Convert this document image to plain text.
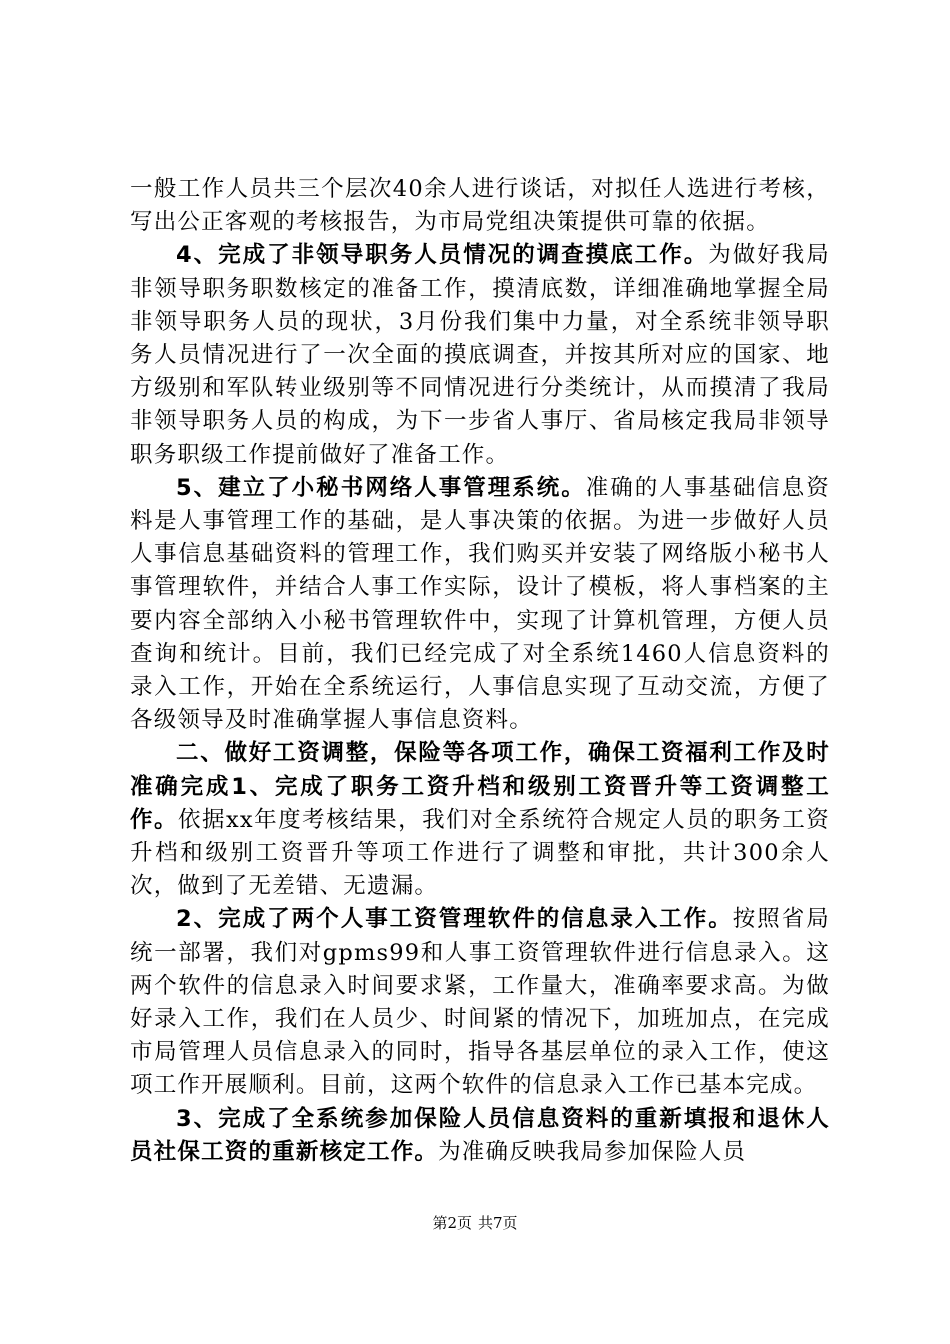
一般工作人员共三个层次40余人进行谈话，对拟任人选进行考核，写出公正客观的考核报告，为市局党组决策提供可靠的依据。

4、完成了非领导职务人员情况的调查摸底工作。为做好我局非领导职务职数核定的准备工作，摸清底数，详细准确地掌握全局非领导职务人员的现状，3月份我们集中力量，对全系统非领导职务人员情况进行了一次全面的摸底调查，并按其所对应的国家、地方级别和军队转业级别等不同情况进行分类统计，从而摸清了我局非领导职务人员的构成，为下一步省人事厅、省局核定我局非领导职务职级工作提前做好了准备工作。

5、建立了小秘书网络人事管理系统。准确的人事基础信息资料是人事管理工作的基础，是人事决策的依据。为进一步做好人员人事信息基础资料的管理工作，我们购买并安装了网络版小秘书人事管理软件，并结合人事工作实际，设计了模板，将人事档案的主要内容全部纳入小秘书管理软件中，实现了计算机管理，方便人员查询和统计。目前，我们已经完成了对全系统1460人信息资料的录入工作，开始在全系统运行，人事信息实现了互动交流，方便了各级领导及时准确掌握人事信息资料。

二、做好工资调整，保险等各项工作，确保工资福利工作及时准确完成1、完成了职务工资升档和级别工资晋升等工资调整工作。依据xx年度考核结果，我们对全系统符合规定人员的职务工资升档和级别工资晋升等项工作进行了调整和审批，共计300余人次，做到了无差错、无遗漏。

2、完成了两个人事工资管理软件的信息录入工作。按照省局统一部署，我们对gpms99和人事工资管理软件进行信息录入。这两个软件的信息录入时间要求紧，工作量大，准确率要求高。为做好录入工作，我们在人员少、时间紧的情况下，加班加点，在完成市局管理人员信息录入的同时，指导各基层单位的录入工作，使这项工作开展顺利。目前，这两个软件的信息录入工作已基本完成。

3、完成了全系统参加保险人员信息资料的重新填报和退休人员社保工资的重新核定工作。为准确反映我局参加保险人员

第2页 共7页
